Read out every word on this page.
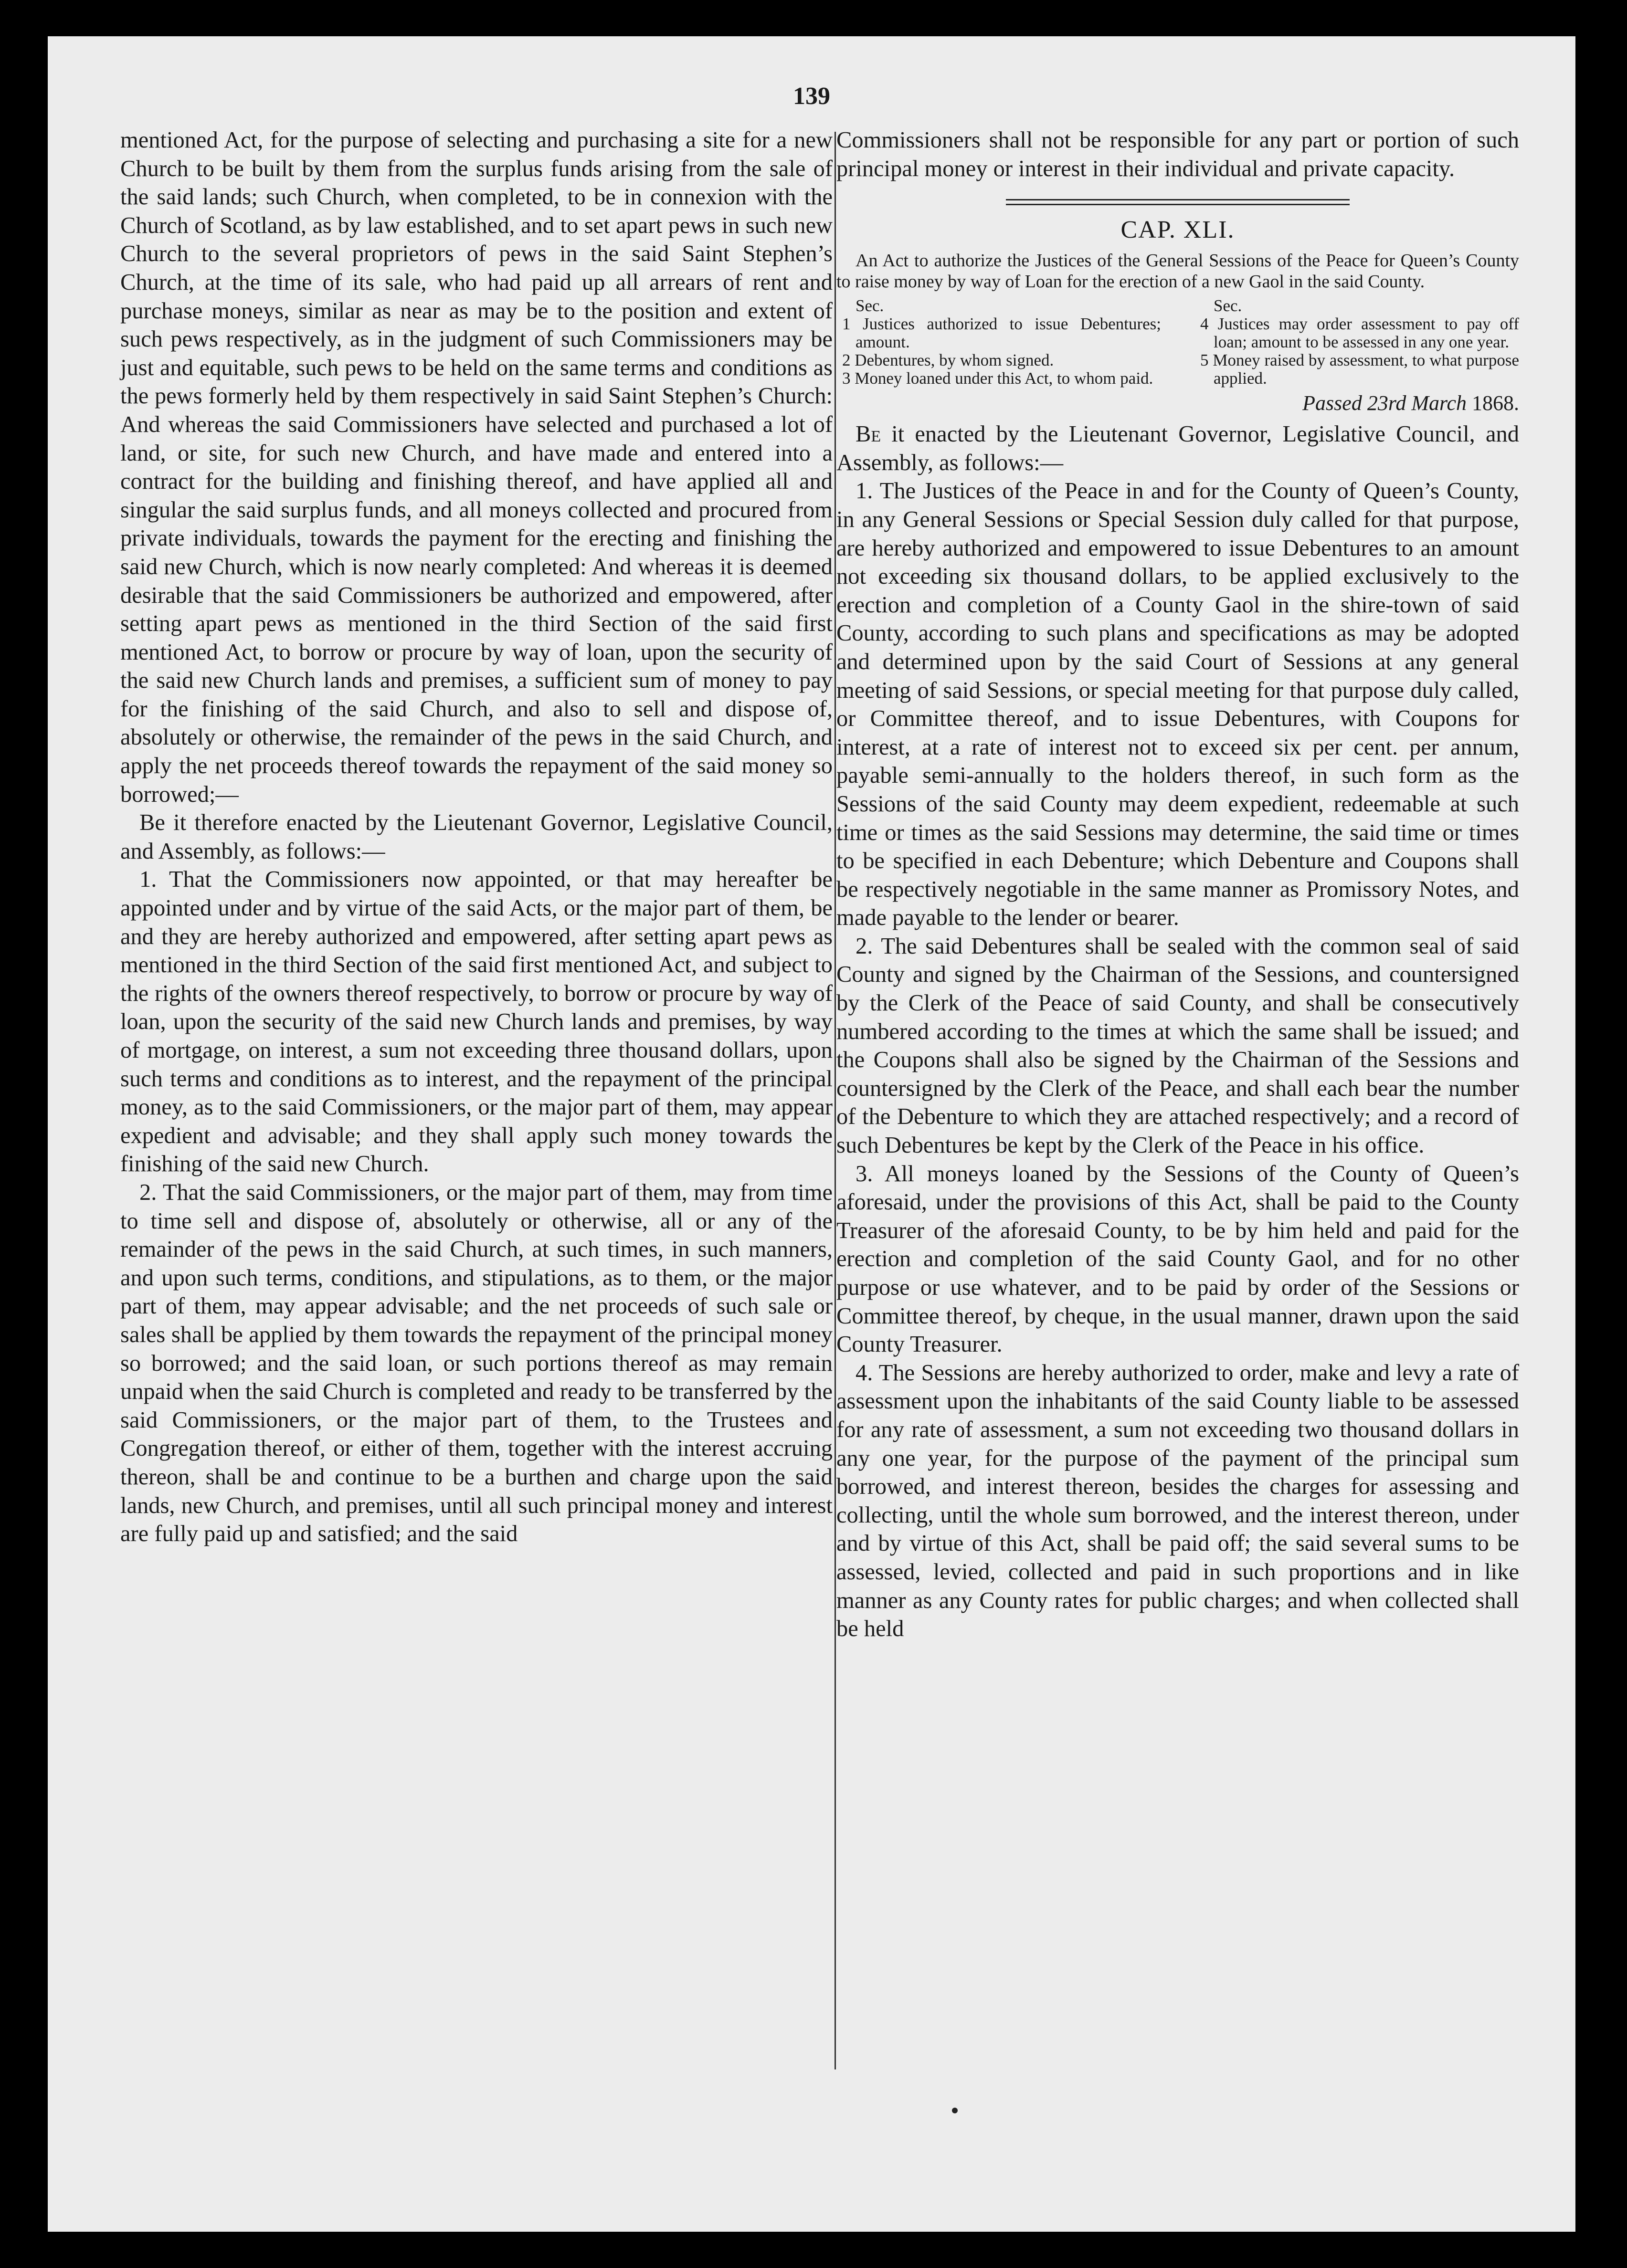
139

mentioned Act, for the purpose of selecting and purchasing a site for a new Church to be built by them from the surplus funds arising from the sale of the said lands; such Church, when completed, to be in connexion with the Church of Scotland, as by law established, and to set apart pews in such new Church to the several proprietors of pews in the said Saint Stephen’s Church, at the time of its sale, who had paid up all arrears of rent and purchase moneys, similar as near as may be to the position and extent of such pews respectively, as in the judgment of such Commissioners may be just and equitable, such pews to be held on the same terms and conditions as the pews formerly held by them respectively in said Saint Stephen’s Church: And whereas the said Commissioners have selected and purchased a lot of land, or site, for such new Church, and have made and entered into a contract for the building and finishing thereof, and have applied all and singular the said surplus funds, and all moneys collected and procured from private individuals, towards the payment for the erecting and finishing the said new Church, which is now nearly completed: And whereas it is deemed desirable that the said Commissioners be authorized and empowered, after setting apart pews as mentioned in the third Section of the said first mentioned Act, to borrow or procure by way of loan, upon the security of the said new Church lands and premises, a sufficient sum of money to pay for the finishing of the said Church, and also to sell and dispose of, absolutely or otherwise, the remainder of the pews in the said Church, and apply the net proceeds thereof towards the repayment of the said money so borrowed;—

Be it therefore enacted by the Lieutenant Governor, Legislative Council, and Assembly, as follows:—

1. That the Commissioners now appointed, or that may hereafter be appointed under and by virtue of the said Acts, or the major part of them, be and they are hereby authorized and empowered, after setting apart pews as mentioned in the third Section of the said first mentioned Act, and subject to the rights of the owners thereof respectively, to borrow or procure by way of loan, upon the security of the said new Church lands and premises, by way of mortgage, on interest, a sum not exceeding three thousand dollars, upon such terms and conditions as to interest, and the repayment of the principal money, as to the said Commissioners, or the major part of them, may appear expedient and advisable; and they shall apply such money towards the finishing of the said new Church.

2. That the said Commissioners, or the major part of them, may from time to time sell and dispose of, absolutely or otherwise, all or any of the remainder of the pews in the said Church, at such times, in such manners, and upon such terms, conditions, and stipulations, as to them, or the major part of them, may appear advisable; and the net proceeds of such sale or sales shall be applied by them towards the repayment of the principal money so borrowed; and the said loan, or such portions thereof as may remain unpaid when the said Church is completed and ready to be transferred by the said Commissioners, or the major part of them, to the Trustees and Congregation thereof, or either of them, together with the interest accruing thereon, shall be and continue to be a burthen and charge upon the said lands, new Church, and premises, until all such principal money and interest are fully paid up and satisfied; and the said

Commissioners shall not be responsible for any part or portion of such principal money or interest in their individual and private capacity.

CAP. XLI.
An Act to authorize the Justices of the General Sessions of the Peace for Queen’s County to raise money by way of Loan for the erection of a new Gaol in the said County.

Sec.

1 Justices authorized to issue Debentures; amount.

2 Debentures, by whom signed.

3 Money loaned under this Act, to whom paid.

Sec.

4 Justices may order assessment to pay off loan; amount to be assessed in any one year.

5 Money raised by assessment, to what purpose applied.

Passed 23rd March 1868.

Be it enacted by the Lieutenant Governor, Legislative Council, and Assembly, as follows:—

1. The Justices of the Peace in and for the County of Queen’s County, in any General Sessions or Special Session duly called for that purpose, are hereby authorized and empowered to issue Debentures to an amount not exceeding six thousand dollars, to be applied exclusively to the erection and completion of a County Gaol in the shire-town of said County, according to such plans and specifications as may be adopted and determined upon by the said Court of Sessions at any general meeting of said Sessions, or special meeting for that purpose duly called, or Committee thereof, and to issue Debentures, with Coupons for interest, at a rate of interest not to exceed six per cent. per annum, payable semi-annually to the holders thereof, in such form as the Sessions of the said County may deem expedient, redeemable at such time or times as the said Sessions may determine, the said time or times to be specified in each Debenture; which Debenture and Coupons shall be respectively negotiable in the same manner as Promissory Notes, and made payable to the lender or bearer.

2. The said Debentures shall be sealed with the common seal of said County and signed by the Chairman of the Sessions, and countersigned by the Clerk of the Peace of said County, and shall be consecutively numbered according to the times at which the same shall be issued; and the Coupons shall also be signed by the Chairman of the Sessions and countersigned by the Clerk of the Peace, and shall each bear the number of the Debenture to which they are attached respectively; and a record of such Debentures be kept by the Clerk of the Peace in his office.

3. All moneys loaned by the Sessions of the County of Queen’s aforesaid, under the provisions of this Act, shall be paid to the County Treasurer of the aforesaid County, to be by him held and paid for the erection and completion of the said County Gaol, and for no other purpose or use whatever, and to be paid by order of the Sessions or Committee thereof, by cheque, in the usual manner, drawn upon the said County Treasurer.

4. The Sessions are hereby authorized to order, make and levy a rate of assessment upon the inhabitants of the said County liable to be assessed for any rate of assessment, a sum not exceeding two thousand dollars in any one year, for the purpose of the payment of the principal sum borrowed, and interest thereon, besides the charges for assessing and collecting, until the whole sum borrowed, and the interest thereon, under and by virtue of this Act, shall be paid off; the said several sums to be assessed, levied, collected and paid in such proportions and in like manner as any County rates for public charges; and when collected shall be held
